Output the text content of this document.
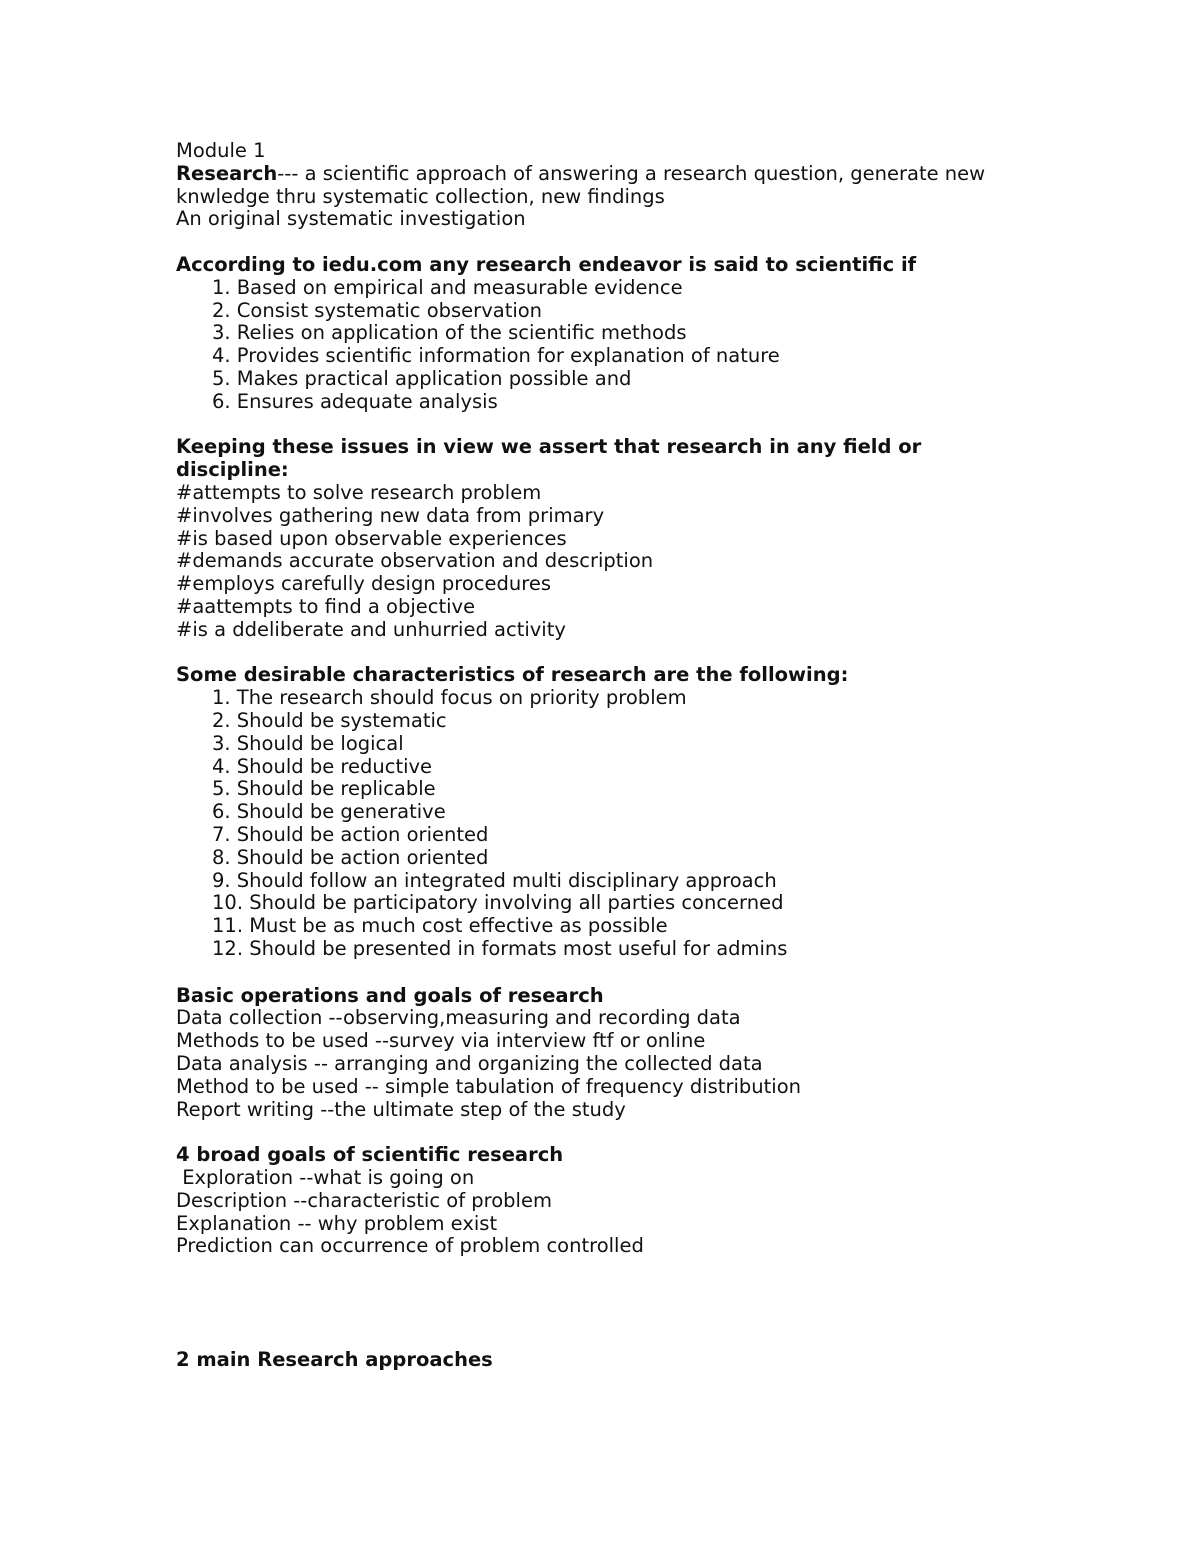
Module 1

Research--- a scientific approach of answering a research question, generate new

knwledge thru systematic collection, new findings

An original systematic investigation

According to iedu.com any research endeavor is said to scientific if

1. Based on empirical and measurable evidence
2. Consist systematic observation
3. Relies on application of the scientific methods
4. Provides scientific information for explanation of nature
5. Makes practical application possible and
6. Ensures adequate analysis

Keeping these issues in view we assert that research in any field or discipline:

#attempts to solve research problem

#involves gathering new data from primary

#is based upon observable experiences

#demands accurate observation and description

#employs carefully design procedures

#aattempts to find a objective

#is a ddeliberate and unhurried activity

Some desirable characteristics of research are the following:

1. The research should focus on priority problem
2. Should be systematic
3. Should be logical
4. Should be reductive
5. Should be replicable
6. Should be generative
7. Should be action oriented
8. Should be action oriented
9. Should follow an integrated multi disciplinary approach
10. Should be participatory involving all parties concerned
11. Must be as much cost effective as possible
12. Should be presented in formats most useful for admins

Basic operations and goals of research

Data collection --observing,measuring and recording data

Methods to be used --survey via interview ftf or online

Data analysis -- arranging and organizing the collected data

Method to be used -- simple tabulation of frequency distribution

Report writing --the ultimate step of the study

4 broad goals of scientific research

Exploration --what is going on

Description --characteristic of problem

Explanation -- why problem exist

Prediction can occurrence of problem controlled

2 main Research approaches
